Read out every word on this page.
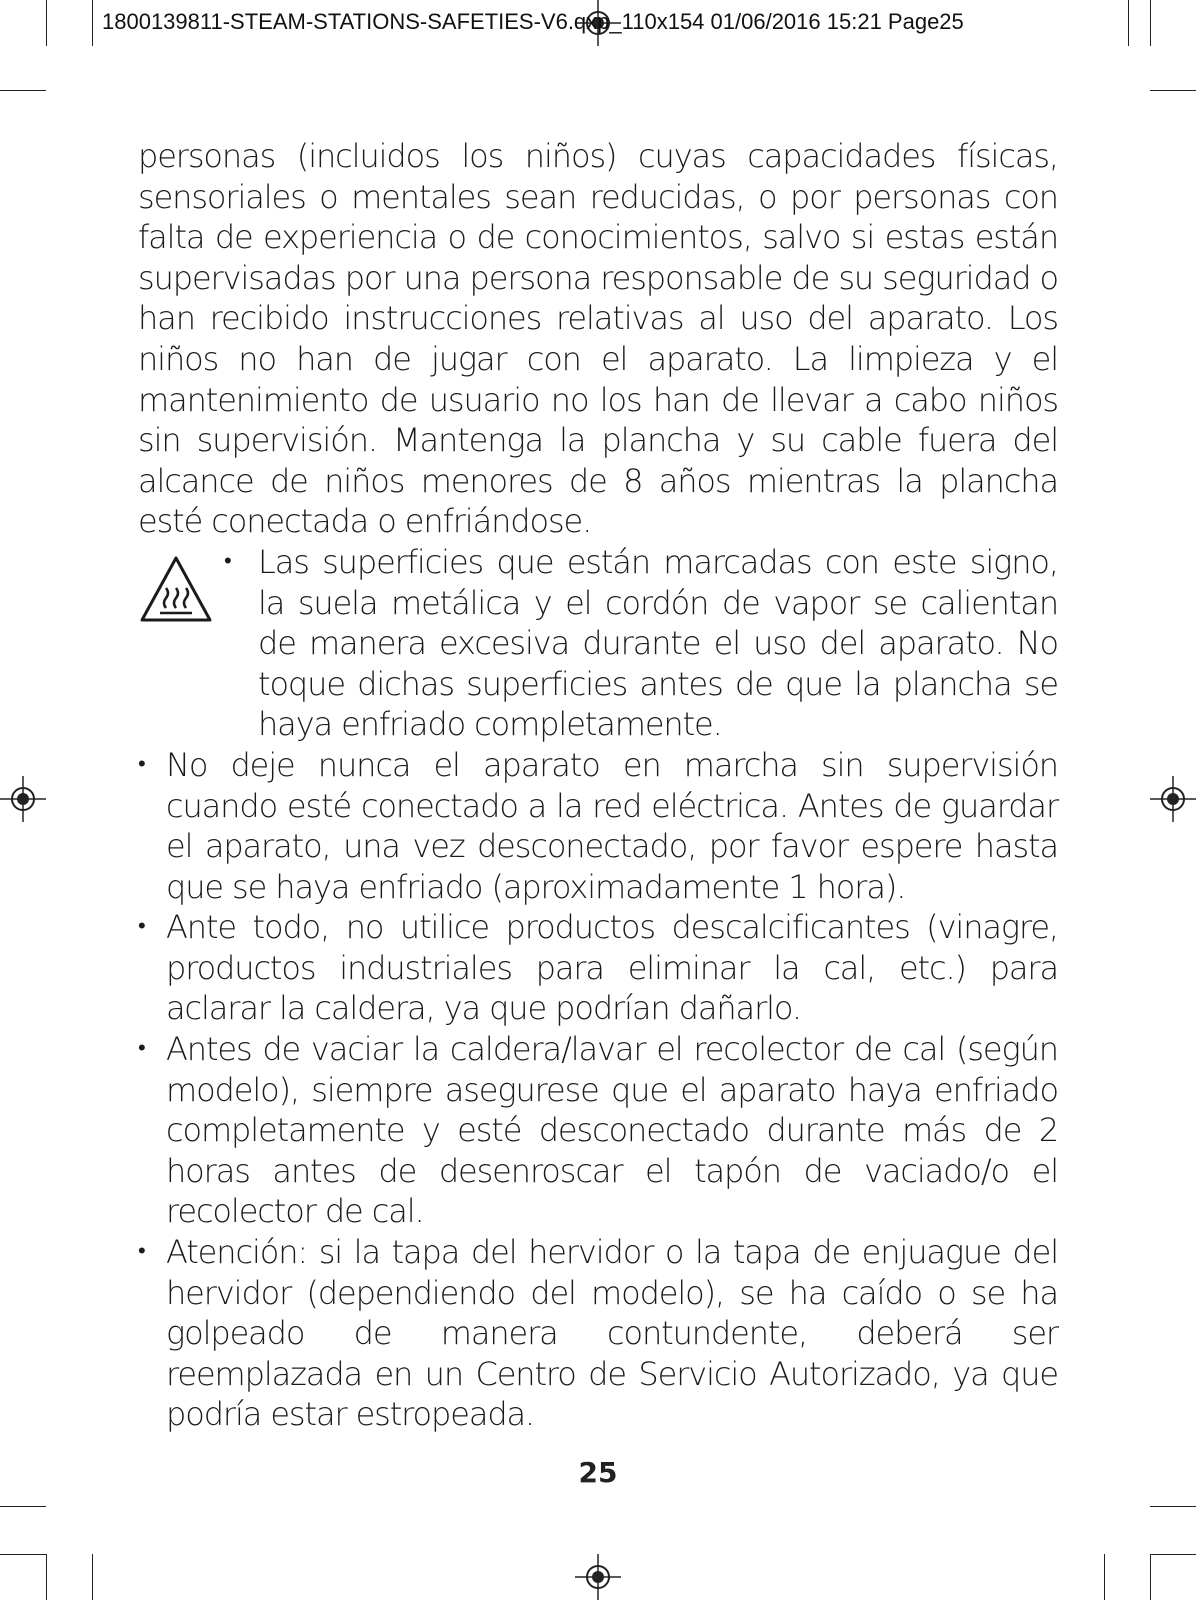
1800139811-STEAM-STATIONS-SAFETIES-V6.qxp_110x154 01/06/2016 15:21 Page25

personas (incluidos los niños) cuyas capacidades físicas, sensoriales o mentales sean reducidas, o por personas con falta de experiencia o de conocimientos, salvo si estas están supervisadas por una persona responsable de su seguridad o han recibido instrucciones relativas al uso del aparato. Los niños no han de jugar con el aparato. La limpieza y el mantenimiento de usuario no los han de llevar a cabo niños sin supervisión. Mantenga la plancha y su cable fuera del alcance de niños menores de 8 años mientras la plancha esté conectada o enfriándose.

• Las superficies que están marcadas con este signo, la suela metálica y el cordón de vapor se calientan de manera excesiva durante el uso del aparato. No toque dichas superficies antes de que la plancha se haya enfriado completamente.
• No deje nunca el aparato en marcha sin supervisión cuando esté conectado a la red eléctrica. Antes de guardar el aparato, una vez desconectado, por favor espere hasta que se haya enfriado (aproximadamente 1 hora).
• Ante todo, no utilice productos descalcificantes (vinagre, productos industriales para eliminar la cal, etc.) para aclarar la caldera, ya que podrían dañarlo.
• Antes de vaciar la caldera/lavar el recolector de cal (según modelo), siempre asegurese que el aparato haya enfriado completamente y esté desconectado durante más de 2 horas antes de desenroscar el tapón de vaciado/o el recolector de cal.
• Atención: si la tapa del hervidor o la tapa de enjuague del hervidor (dependiendo del modelo), se ha caído o se ha golpeado de manera contundente, deberá ser reemplazada en un Centro de Servicio Autorizado, ya que podría estar estropeada.
25
